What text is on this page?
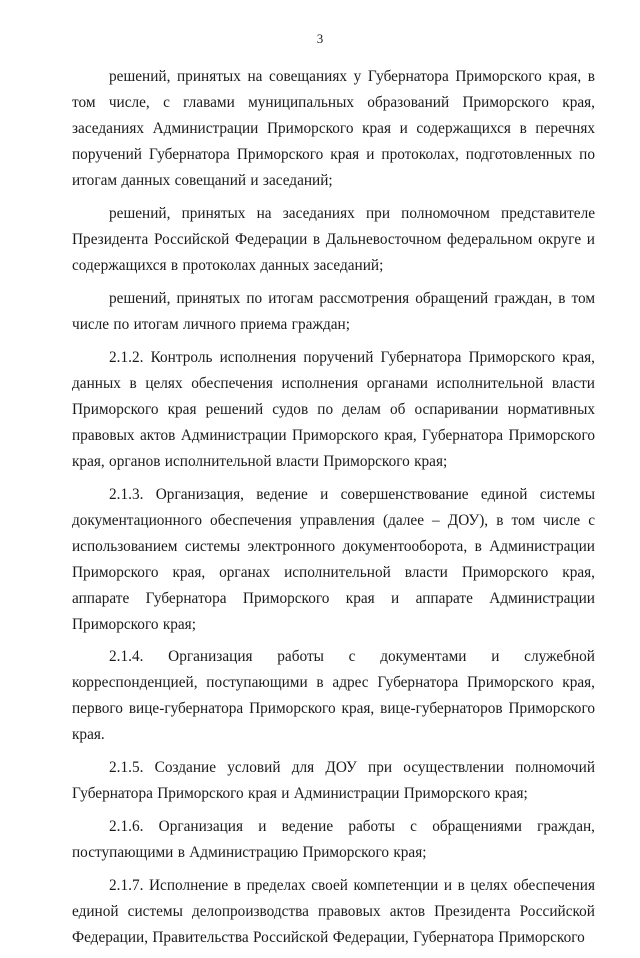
3

решений, принятых на совещаниях у Губернатора Приморского края, в том числе, с главами муниципальных образований Приморского края, заседаниях Администрации Приморского края и содержащихся в перечнях поручений Губернатора Приморского края и протоколах, подготовленных по итогам данных совещаний и заседаний;

решений, принятых на заседаниях при полномочном представителе Президента Российской Федерации в Дальневосточном федеральном округе и содержащихся в протоколах данных заседаний;

решений, принятых по итогам рассмотрения обращений граждан, в том числе по итогам личного приема граждан;

2.1.2. Контроль исполнения поручений Губернатора Приморского края, данных в целях обеспечения исполнения органами исполнительной власти Приморского края решений судов по делам об оспаривании нормативных правовых актов Администрации Приморского края, Губернатора Приморского края, органов исполнительной власти Приморского края;

2.1.3. Организация, ведение и совершенствование единой системы документационного обеспечения управления (далее – ДОУ), в том числе с использованием системы электронного документооборота, в Администрации Приморского края, органах исполнительной власти Приморского края, аппарате Губернатора Приморского края и аппарате Администрации Приморского края;

2.1.4. Организация работы с документами и служебной корреспонденцией, поступающими в адрес Губернатора Приморского края, первого вице-губернатора Приморского края, вице-губернаторов Приморского края.

2.1.5. Создание условий для ДОУ при осуществлении полномочий Губернатора Приморского края и Администрации Приморского края;

2.1.6. Организация и ведение работы с обращениями граждан, поступающими в Администрацию Приморского края;

2.1.7. Исполнение в пределах своей компетенции и в целях обеспечения единой системы делопроизводства правовых актов Президента Российской Федерации, Правительства Российской Федерации, Губернатора Приморского
